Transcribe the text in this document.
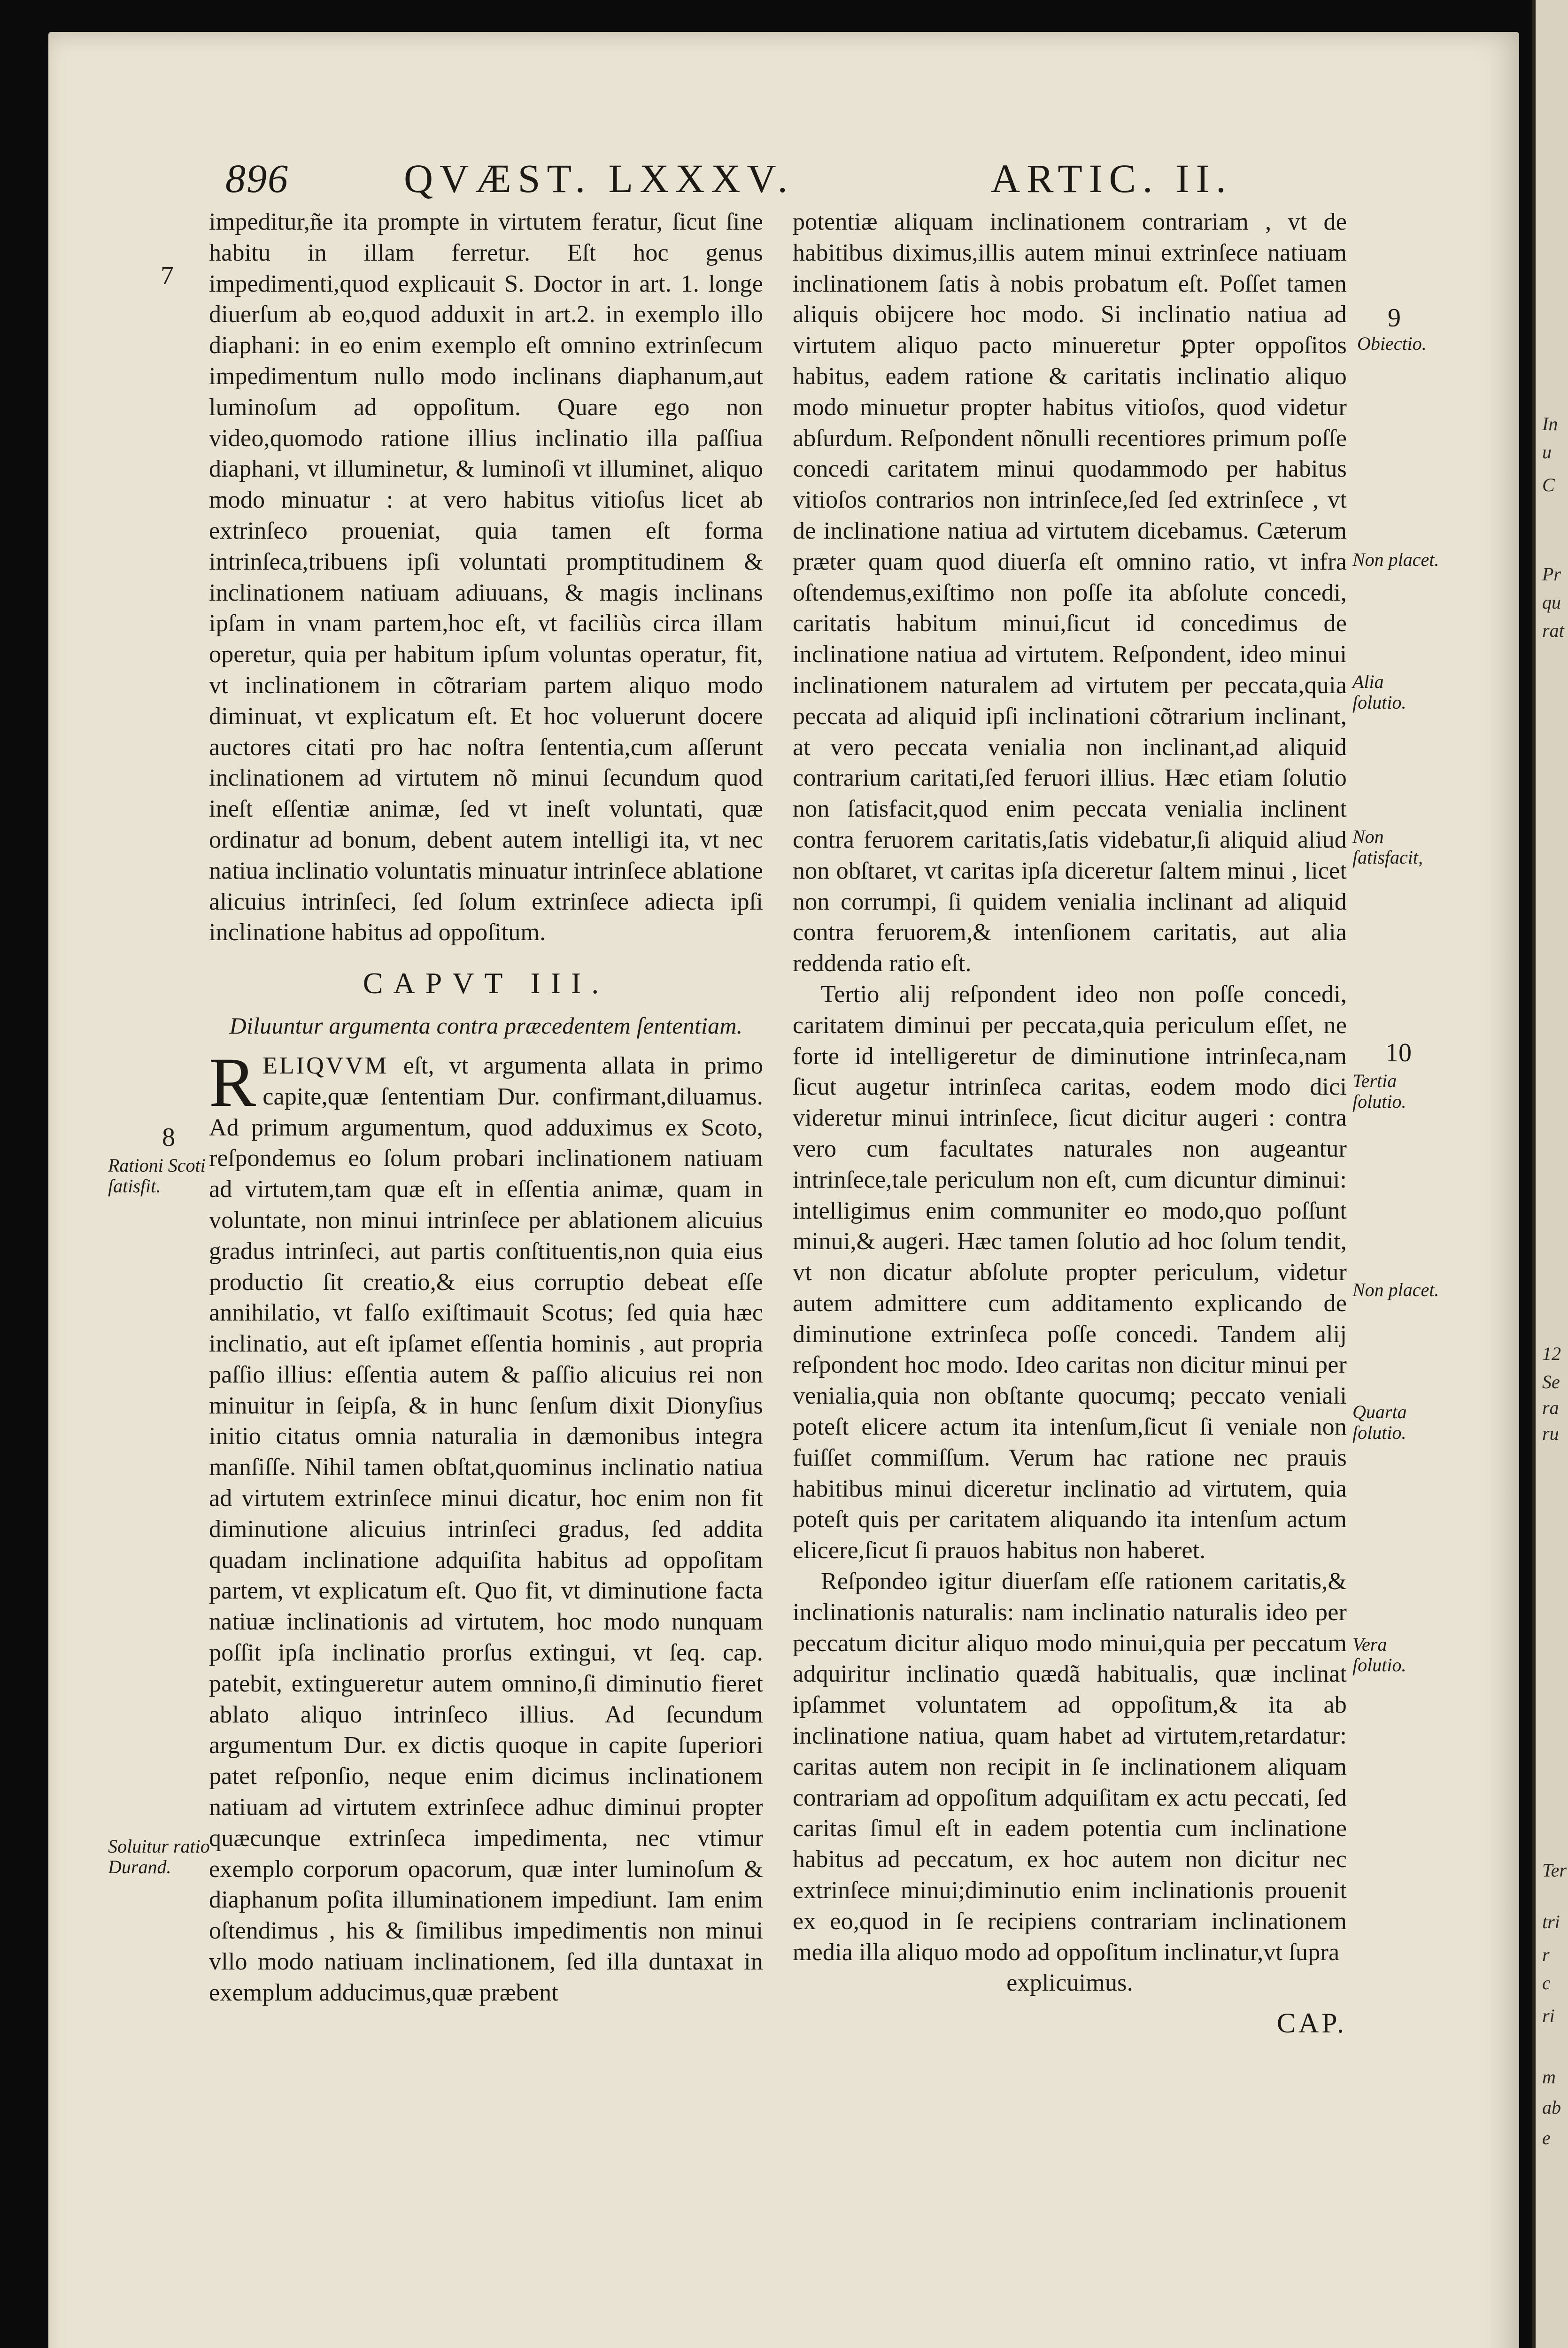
In
u
C
Pr
qu
rat
12
Se
ra
ru
Ter
tri
r
c
ri
m
ab
e
896	QVÆST. LXXXV.	ARTIC. II.
7
8
Rationi Scoti ſatisfit.
Soluitur ratio Durand.
9
Obiectio.
Non placet.
Alia ſolutio.
Non ſatisfacit,
10
Tertia ſolutio.
Non placet.
Quarta ſolutio.
Vera ſolutio.

impeditur,ñe ita prompte in virtutem feratur, ſicut ſine habitu in illam ferretur. Eſt hoc genus impedimenti,quod explicauit S. Doctor in art. 1. longe diuerſum ab eo,quod adduxit in art.2. in exemplo illo diaphani: in eo enim exemplo eſt omnino extrinſecum impedimentum nullo modo inclinans diaphanum,aut luminoſum ad oppoſitum. Quare ego non video,quomodo ratione illius inclinatio illa paſſiua diaphani, vt illuminetur, & luminoſi vt illuminet, aliquo modo minuatur : at vero habitus vitioſus licet ab extrinſeco proueniat, quia tamen eſt forma intrinſeca,tribuens ipſi voluntati promptitudinem & inclinationem natiuam adiuuans, & magis inclinans ipſam in vnam partem,hoc eſt, vt faciliùs circa illam operetur, quia per habitum ipſum voluntas operatur, fit, vt inclinationem in cõtrariam partem aliquo modo diminuat, vt explicatum eſt. Et hoc voluerunt docere auctores citati pro hac noſtra ſententia,cum aſſerunt inclinationem ad virtutem nõ minui ſecundum quod ineſt eſſentiæ animæ, ſed vt ineſt voluntati, quæ ordinatur ad bonum, debent autem intelligi ita, vt nec natiua inclinatio voluntatis minuatur intrinſece ablatione alicuius intrinſeci, ſed ſolum extrinſece adiecta ipſi inclinatione habitus ad oppoſitum.

CAPVT III.

Diluuntur argumenta contra præcedentem ſententiam.

RELIQVVM eſt, vt argumenta allata in primo capite,quæ ſententiam Dur. confirmant,diluamus. Ad primum argumentum, quod adduximus ex Scoto, reſpondemus eo ſolum probari inclinationem natiuam ad virtutem,tam quæ eſt in eſſentia animæ, quam in voluntate, non minui intrinſece per ablationem alicuius gradus intrinſeci, aut partis conſtituentis,non quia eius productio ſit creatio,& eius corruptio debeat eſſe annihilatio, vt falſo exiſtimauit Scotus; ſed quia hæc inclinatio, aut eſt ipſamet eſſentia hominis , aut propria paſſio illius: eſſentia autem & paſſio alicuius rei non minuitur in ſeipſa, & in hunc ſenſum dixit Dionyſius initio citatus omnia naturalia in dæmonibus integra manſiſſe. Nihil tamen obſtat,quominus inclinatio natiua ad virtutem extrinſece minui dicatur, hoc enim non fit diminutione alicuius intrinſeci gradus, ſed addita quadam inclinatione adquiſita habitus ad oppoſitam partem, vt explicatum eſt. Quo fit, vt diminutione facta natiuæ inclinationis ad virtutem, hoc modo nunquam poſſit ipſa inclinatio prorſus extingui, vt ſeq. cap. patebit, extingueretur autem omnino,ſi diminutio fieret ablato aliquo intrinſeco illius. Ad ſecundum argumentum Dur. ex dictis quoque in capite ſuperiori patet reſponſio, neque enim dicimus inclinationem natiuam ad virtutem extrinſece adhuc diminui propter quæcunque extrinſeca impedimenta, nec vtimur exemplo corporum opacorum, quæ inter luminoſum & diaphanum poſita illuminationem impediunt. Iam enim oſtendimus , his & ſimilibus impedimentis non minui vllo modo natiuam inclinationem, ſed illa duntaxat in exemplum adducimus,quæ præbent

potentiæ aliquam inclinationem contrariam , vt de habitibus diximus,illis autem minui extrinſece natiuam inclinationem ſatis à nobis probatum eſt. Poſſet tamen aliquis obijcere hoc modo. Si inclinatio natiua ad virtutem aliquo pacto minueretur ꝑpter oppoſitos habitus, eadem ratione & caritatis inclinatio aliquo modo minuetur propter habitus vitioſos, quod videtur abſurdum. Reſpondent nõnulli recentiores primum poſſe concedi caritatem minui quodammodo per habitus vitioſos contrarios non intrinſece,ſed ſed extrinſece , vt de inclinatione natiua ad virtutem dicebamus. Cæterum præter quam quod diuerſa eſt omnino ratio, vt infra oſtendemus,exiſtimo non poſſe ita abſolute concedi, caritatis habitum minui,ſicut id concedimus de inclinatione natiua ad virtutem. Reſpondent, ideo minui inclinationem naturalem ad virtutem per peccata,quia peccata ad aliquid ipſi inclinationi cõtrarium inclinant, at vero peccata venialia non inclinant,ad aliquid contrarium caritati,ſed feruori illius. Hæc etiam ſolutio non ſatisfacit,quod enim peccata venialia inclinent contra feruorem caritatis,ſatis videbatur,ſi aliquid aliud non obſtaret, vt caritas ipſa diceretur ſaltem minui , licet non corrumpi, ſi quidem venialia inclinant ad aliquid contra feruorem,& intenſionem caritatis, aut alia reddenda ratio eſt.

Tertio alij reſpondent ideo non poſſe concedi, caritatem diminui per peccata,quia periculum eſſet, ne forte id intelligeretur de diminutione intrinſeca,nam ſicut augetur intrinſeca caritas, eodem modo dici videretur minui intrinſece, ſicut dicitur augeri : contra vero cum facultates naturales non augeantur intrinſece,tale periculum non eſt, cum dicuntur diminui: intelligimus enim communiter eo modo,quo poſſunt minui,& augeri. Hæc tamen ſolutio ad hoc ſolum tendit, vt non dicatur abſolute propter periculum, videtur autem admittere cum additamento explicando de diminutione extrinſeca poſſe concedi. Tandem alij reſpondent hoc modo. Ideo caritas non dicitur minui per venialia,quia non obſtante quocumq; peccato veniali poteſt elicere actum ita intenſum,ſicut ſi veniale non fuiſſet commiſſum. Verum hac ratione nec prauis habitibus minui diceretur inclinatio ad virtutem, quia poteſt quis per caritatem aliquando ita intenſum actum elicere,ſicut ſi prauos habitus non haberet.

Reſpondeo igitur diuerſam eſſe rationem caritatis,& inclinationis naturalis: nam inclinatio naturalis ideo per peccatum dicitur aliquo modo minui,quia per peccatum adquiritur inclinatio quædã habitualis, quæ inclinat ipſammet voluntatem ad oppoſitum,& ita ab inclinatione natiua, quam habet ad virtutem,retardatur: caritas autem non recipit in ſe inclinationem aliquam contrariam ad oppoſitum adquiſitam ex actu peccati, ſed caritas ſimul eſt in eadem potentia cum inclinatione habitus ad peccatum, ex hoc autem non dicitur nec extrinſece minui;diminutio enim inclinationis prouenit ex eo,quod in ſe recipiens contrariam inclinationem media illa aliquo modo ad oppoſitum inclinatur,vt ſupra

explicuimus.

CAP.
